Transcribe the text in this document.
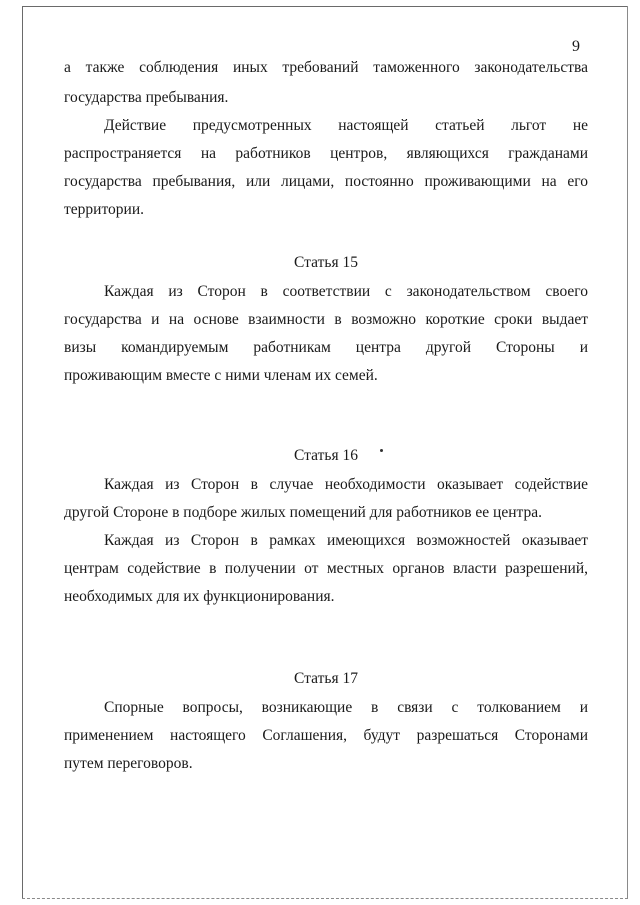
9
а также соблюдения иных требований таможенного законодательства
государства пребывания.
Действие предусмотренных настоящей статьей льгот не
распространяется на работников центров, являющихся гражданами
государства пребывания, или лицами, постоянно проживающими на его
территории.
Статья 15
Каждая из Сторон в соответствии с законодательством своего
государства и на основе взаимности в возможно короткие сроки выдает
визы командируемым работникам центра другой Стороны и
проживающим вместе с ними членам их семей.
Статья 16
Каждая из Сторон в случае необходимости оказывает содействие
другой Стороне в подборе жилых помещений для работников ее центра.
Каждая из Сторон в рамках имеющихся возможностей оказывает
центрам содействие в получении от местных органов власти разрешений,
необходимых для их функционирования.
Статья 17
Спорные вопросы, возникающие в связи с толкованием и
применением настоящего Соглашения, будут разрешаться Сторонами
путем переговоров.
